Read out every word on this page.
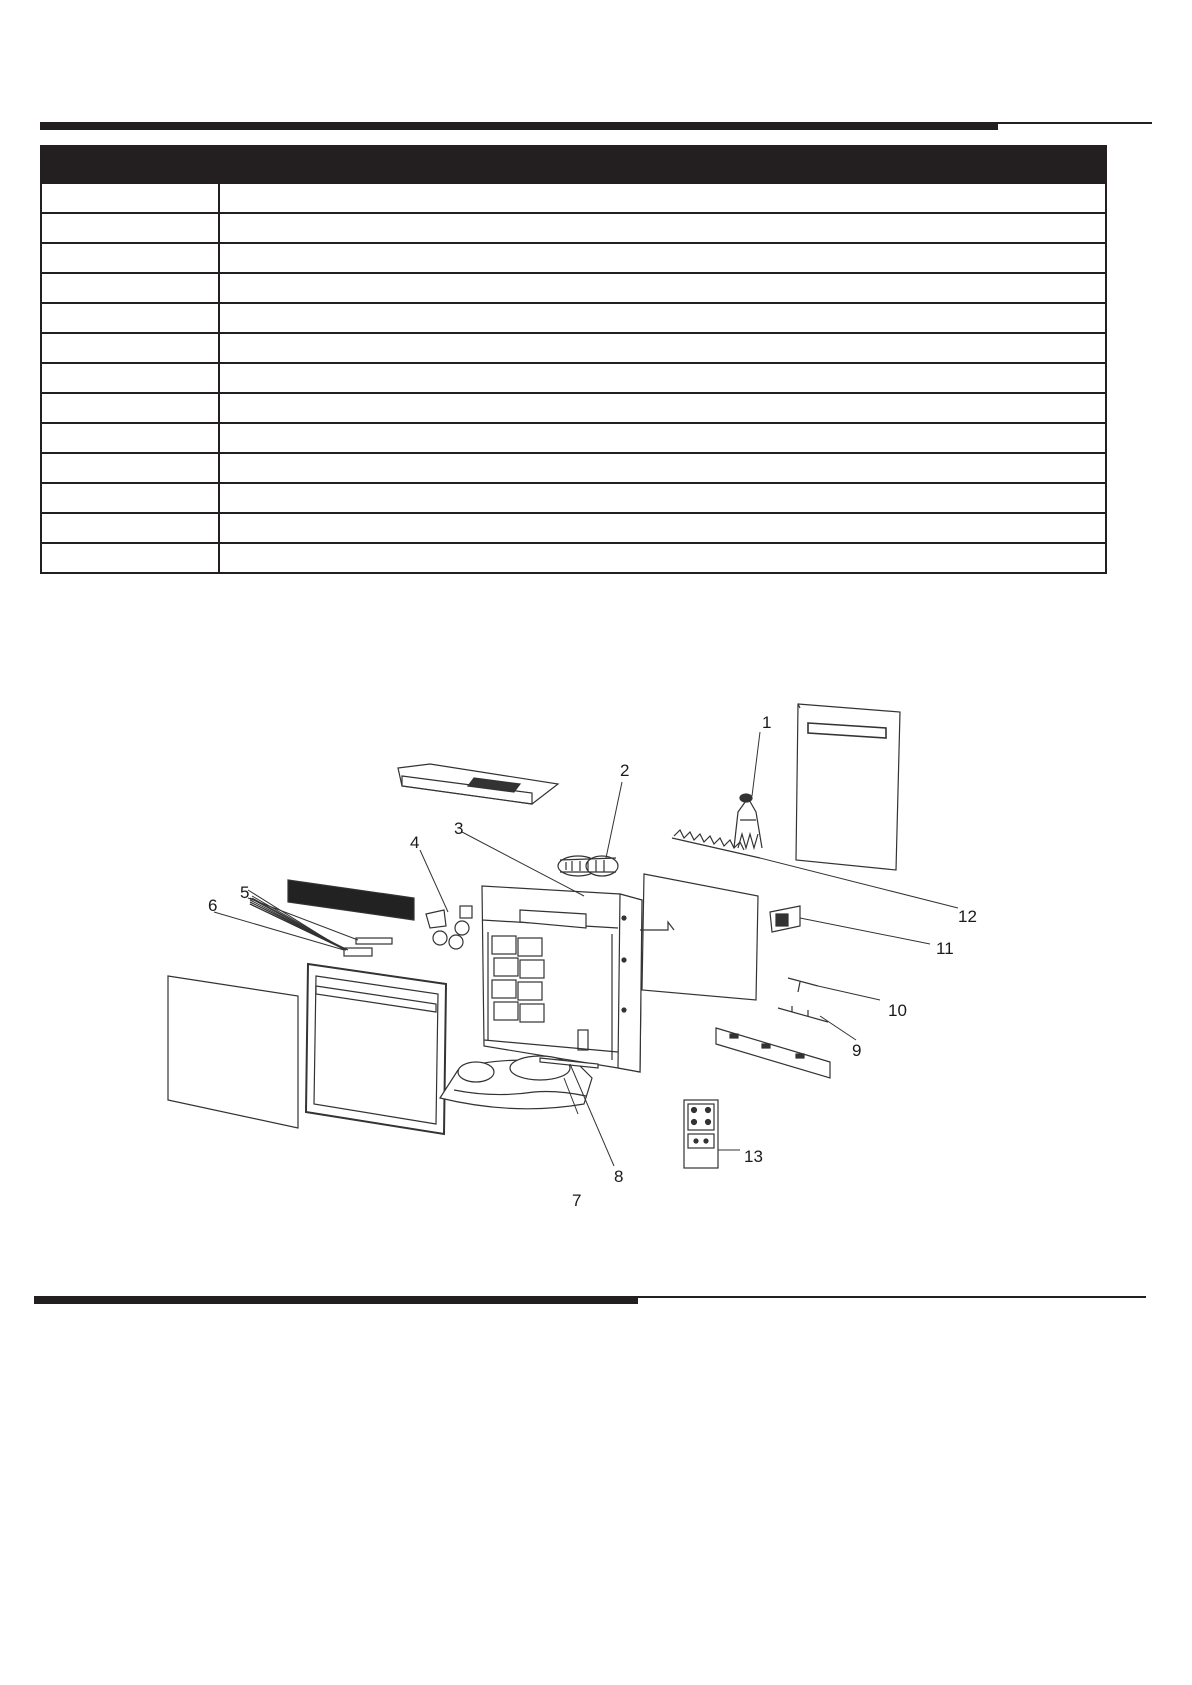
1
2
3
4
5
6
7
8
9
10
11
12
13
